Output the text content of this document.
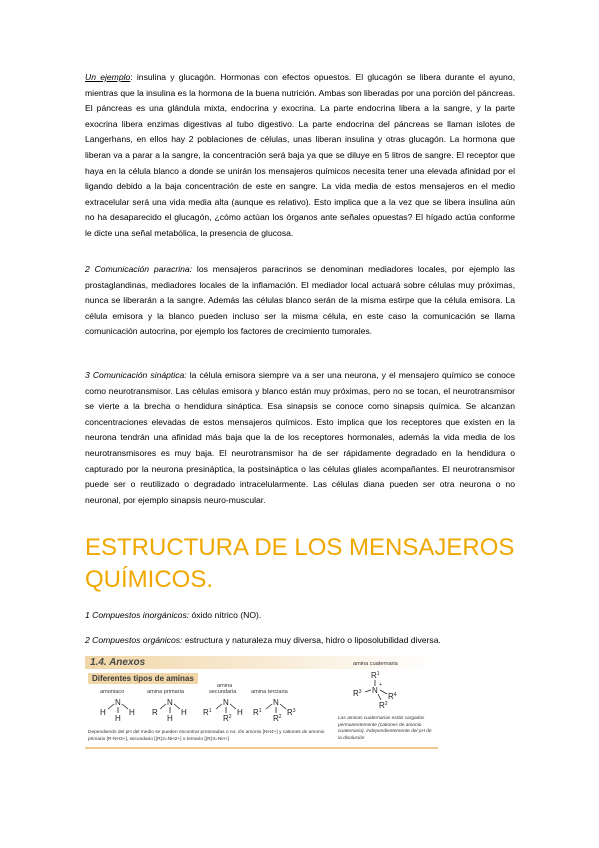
Un ejemplo: insulina y glucagón. Hormonas con efectos opuestos. El glucagón se libera durante el ayuno, mientras que la insulina es la hormona de la buena nutrición. Ambas son liberadas por una porción del páncreas. El páncreas es una glándula mixta, endocrina y exocrina. La parte endocrina libera a la sangre, y la parte exocrina libera enzimas digestivas al tubo digestivo. La parte endocrina del páncreas se llaman islotes de Langerhans, en ellos hay 2 poblaciones de células, unas liberan insulina y otras glucagón. La hormona que liberan va a parar a la sangre, la concentración será baja ya que se diluye en 5 litros de sangre. El receptor que haya en la célula blanco a donde se unirán los mensajeros químicos necesita tener una elevada afinidad por el ligando debido a la baja concentración de este en sangre. La vida media de estos mensajeros en el medio extracelular será una vida media alta (aunque es relativo). Esto implica que a la vez que se libera insulina aún no ha desaparecido el glucagón, ¿cómo actúan los órganos ante señales opuestas? El hígado actúa conforme le dicte una señal metabólica, la presencia de glucosa.
2 Comunicación paracrina: los mensajeros paracrinos se denominan mediadores locales, por ejemplo las prostaglandinas, mediadores locales de la inflamación. El mediador local actuará sobre células muy próximas, nunca se liberarán a la sangre. Además las células blanco serán de la misma estirpe que la célula emisora. La célula emisora y la blanco pueden incluso ser la misma célula, en este caso la comunicación se llama comunicación autocrina, por ejemplo los factores de crecimiento tumorales.
3 Comunicación sináptica: la célula emisora siempre va a ser una neurona, y el mensajero químico se conoce como neurotransmisor. Las células emisora y blanco están muy próximas, pero no se tocan, el neurotransmisor se vierte a la brecha o hendidura sináptica. Esa sinapsis se conoce como sinapsis química. Se alcanzan concentraciones elevadas de estos mensajeros químicos. Esto implica que los receptores que existen en la neurona tendrán una afinidad más baja que la de los receptores hormonales, además la vida media de los neurotransmisores es muy baja. El neurotransmisor ha de ser rápidamente degradado en la hendidura o capturado por la neurona presináptica, la postsináptica o las células gliales acompañantes. El neurotransmisor puede ser o reutilizado o degradado intracelularmente. Las células diana pueden ser otra neurona o no neuronal, por ejemplo sinapsis neuro-muscular.
ESTRUCTURA DE LOS MENSAJEROS QUÍMICOS.
1 Compuestos inorgánicos: óxido nítrico (NO).
2 Compuestos orgánicos: estructura y naturaleza muy diversa, hidro o liposolubilidad diversa.
1.4. Anexos
Diferentes tipos de aminas
amoniaco	amina primaria
amina
secundaria	amina terciaria
amina cuaternaria
H
N
H
H
R
N
H
H
$R^1$
N
H
$R^2$	$R^1$
N
$R^3$
$R^2$
$R^1$
N
+
$R^3$	$R^4$
$R^2$
Dependiendo del pH del medio se pueden encontrar protonadas o no: ión amonio [NH4+] y cationes de amonio primario [R-NH3+], secundario [(R)2=NH2+] o ternario [(R)3=NH+]
Las aminas cuaternarias están cargadas permanentemente (cationes de amonio cuaternario), independientemente del pH de la disolución
